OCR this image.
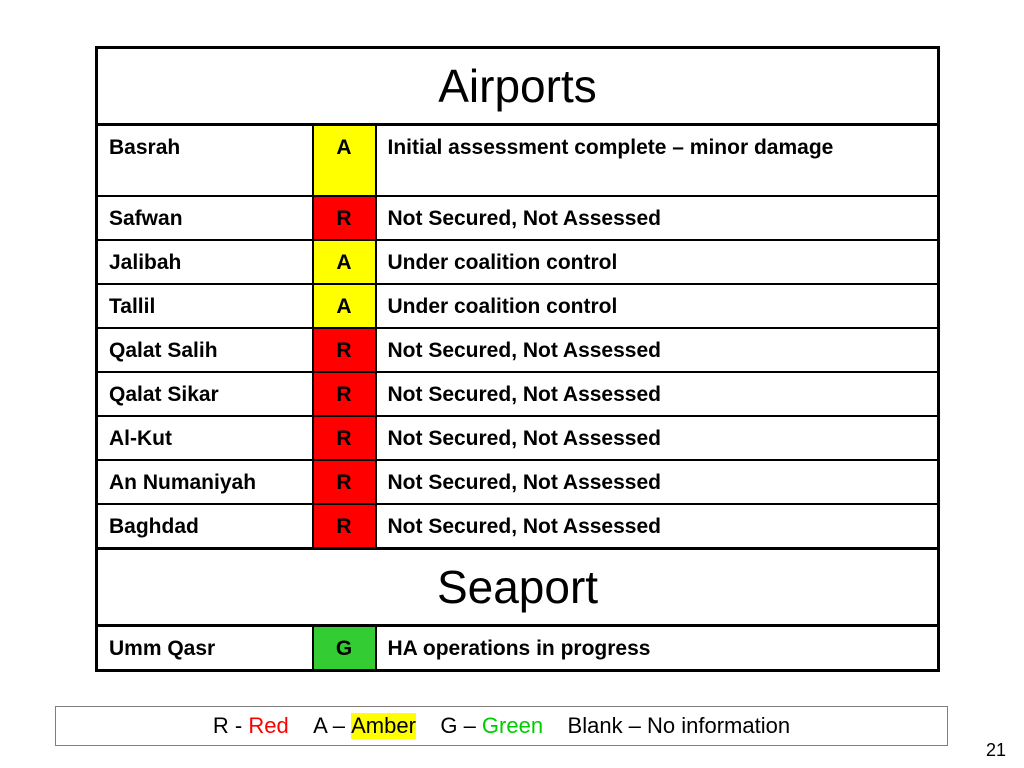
Airports		
Basrah	A	Initial assessment complete – minor damage
Safwan	R	Not Secured, Not Assessed
Jalibah	A	Under coalition control
Tallil	A	Under coalition control
Qalat Salih	R	Not Secured, Not Assessed
Qalat Sikar	R	Not Secured, Not Assessed
Al-Kut	R	Not Secured, Not Assessed
An Numaniyah	R	Not Secured, Not Assessed
Baghdad	R	Not Secured, Not Assessed
Seaport		
Umm Qasr	G	HA operations in progress
R - Red
A – Amber
G – Green
Blank – No information
21
